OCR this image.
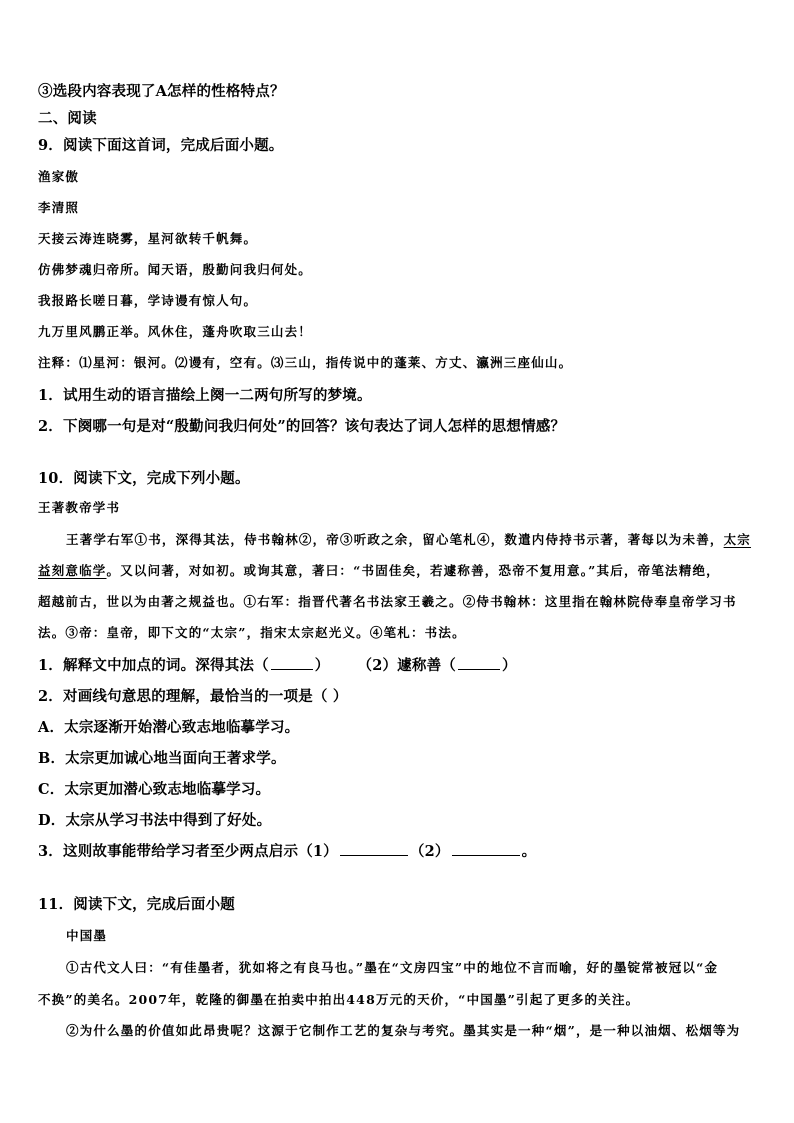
③选段内容表现了A怎样的性格特点？
二、阅读
9．阅读下面这首词，完成后面小题。
渔家傲
李清照
天接云涛连晓雾，星河欲转千帆舞。
仿佛梦魂归帝所。闻天语，殷勤问我归何处。
我报路长嗟日暮，学诗谩有惊人句。
九万里风鹏正举。风休住，蓬舟吹取三山去！
注释：⑴星河：银河。⑵谩有，空有。⑶三山，指传说中的蓬莱、方丈、瀛洲三座仙山。
1．试用生动的语言描绘上阕一二两句所写的梦境。
2．下阕哪一句是对“殷勤问我归何处”的回答？该句表达了词人怎样的思想情感？
10．阅读下文，完成下列小题。
王著教帝学书
王著学右军①书，深得其法，侍书翰林②，帝③听政之余，留心笔札④，数遣内侍持书示著，著每以为未善，太宗
益刻意临学。又以问著，对如初。或询其意，著曰：“书固佳矣，若遽称善，恐帝不复用意。”其后，帝笔法精绝，
超越前古，世以为由著之规益也。①右军：指晋代著名书法家王羲之。②侍书翰林：这里指在翰林院侍奉皇帝学习书
法。③帝：皇帝，即下文的“太宗”，指宋太宗赵光义。④笔札：书法。
1．解释文中加点的词。深得其法（	） （2）遽称善（	）
2．对画线句意思的理解，最恰当的一项是（ ）
A．太宗逐渐开始潜心致志地临摹学习。
B．太宗更加诚心地当面向王著求学。
C．太宗更加潜心致志地临摹学习。
D．太宗从学习书法中得到了好处。
3．这则故事能带给学习者至少两点启示（1）	（2）	。
11．阅读下文，完成后面小题
中国墨
①古代文人曰：“有佳墨者，犹如将之有良马也。”墨在“文房四宝”中的地位不言而喻，好的墨锭常被冠以“金
不换”的美名。2007年，乾隆的御墨在拍卖中拍出448万元的天价，“中国墨”引起了更多的关注。
②为什么墨的价值如此昂贵呢？这源于它制作工艺的复杂与考究。墨其实是一种“烟”，是一种以油烟、松烟等为
